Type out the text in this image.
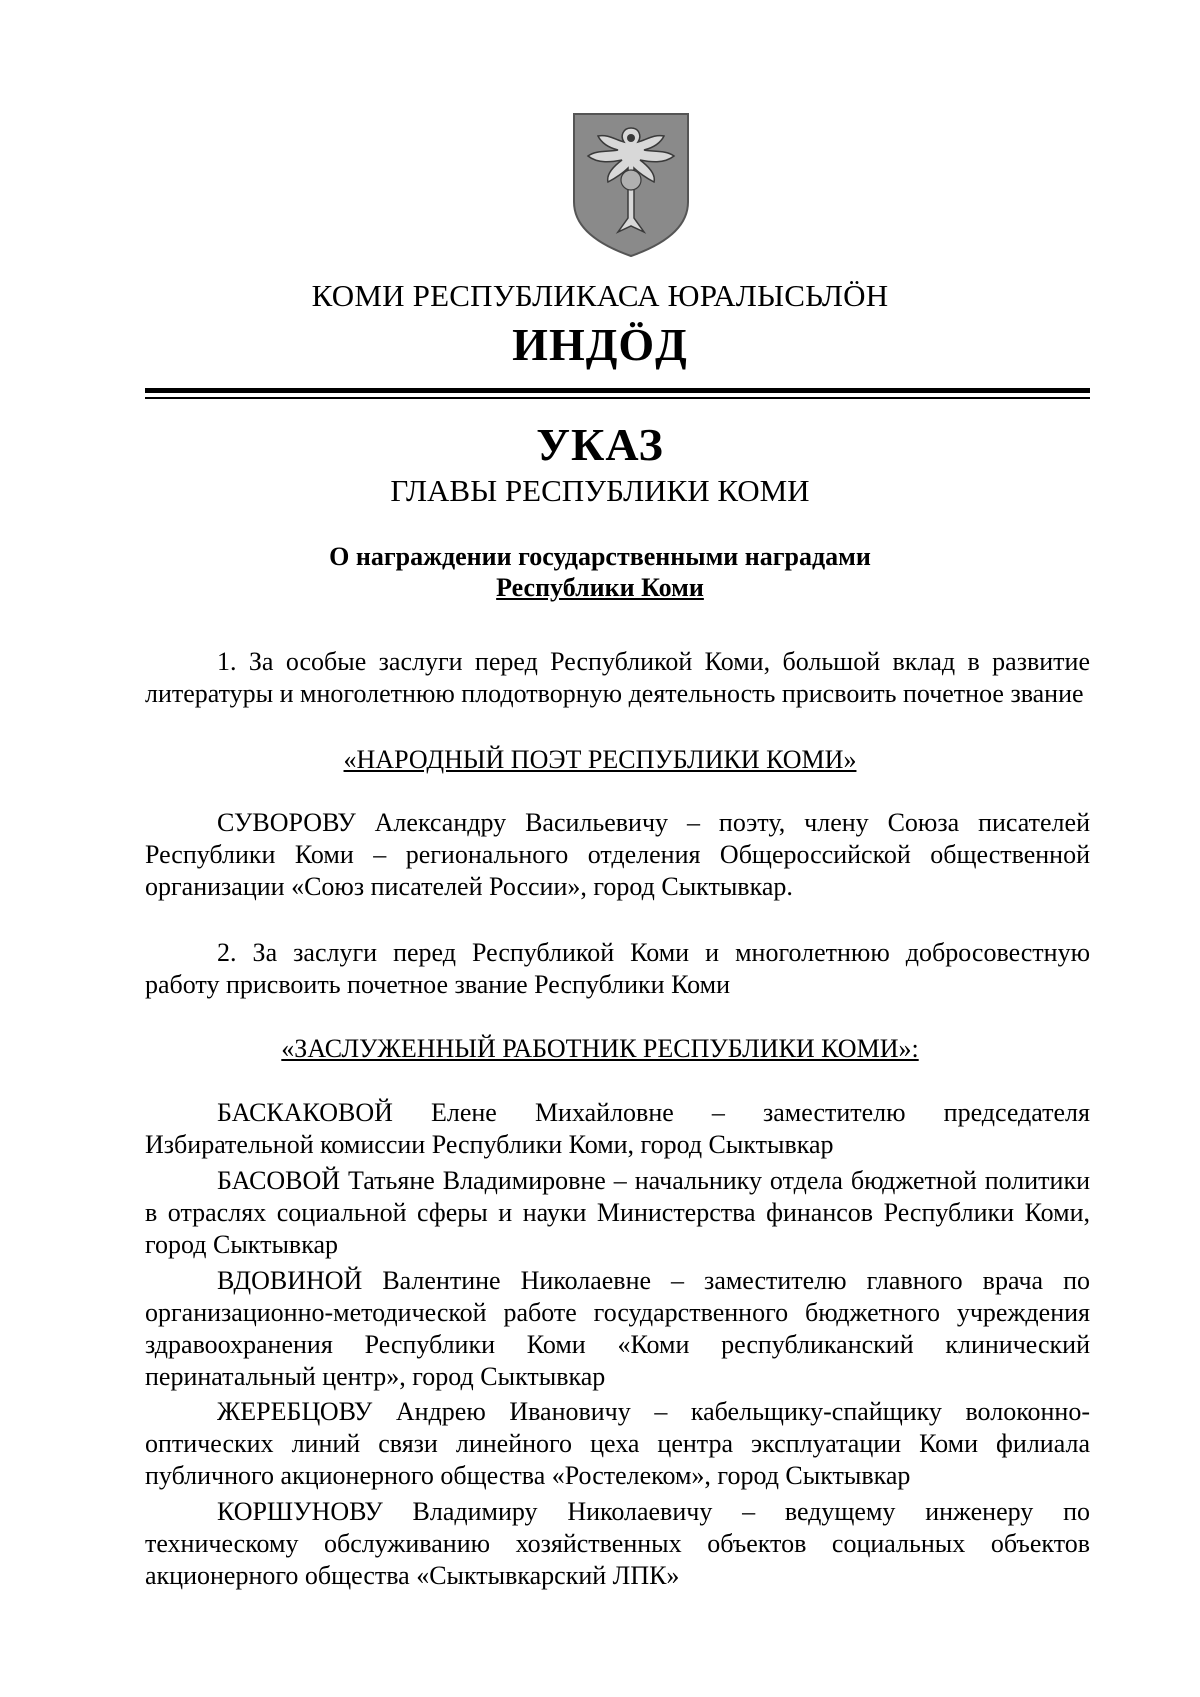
КОМИ РЕСПУБЛИКАСА ЮРАЛЫСЬЛӦН
ИНДӦД
УКАЗ
ГЛАВЫ РЕСПУБЛИКИ КОМИ
О награждении государственными наградами
Республики Коми
1. За особые заслуги перед Республикой Коми, большой вклад в развитие литературы и многолетнюю плодотворную деятельность присвоить почетное звание
«НАРОДНЫЙ ПОЭТ РЕСПУБЛИКИ КОМИ»
СУВОРОВУ Александру Васильевичу – поэту, члену Союза писателей Республики Коми – регионального отделения Общероссийской общественной организации «Союз писателей России», город Сыктывкар.
2. За заслуги перед Республикой Коми и многолетнюю добросовестную работу присвоить почетное звание Республики Коми
«ЗАСЛУЖЕННЫЙ РАБОТНИК РЕСПУБЛИКИ КОМИ»:
БАСКАКОВОЙ Елене Михайловне – заместителю председателя
Избирательной комиссии Республики Коми, город Сыктывкар
БАСОВОЙ Татьяне Владимировне – начальнику отдела бюджетной политики в отраслях социальной сферы и науки Министерства финансов Республики Коми, город Сыктывкар
ВДОВИНОЙ Валентине Николаевне – заместителю главного врача по организационно-методической работе государственного бюджетного учреждения здравоохранения Республики Коми «Коми республиканский клинический перинатальный центр», город Сыктывкар
ЖЕРЕБЦОВУ Андрею Ивановичу – кабельщику-спайщику волоконно-оптических линий связи линейного цеха центра эксплуатации Коми филиала публичного акционерного общества «Ростелеком», город Сыктывкар
КОРШУНОВУ Владимиру Николаевичу – ведущему инженеру по техническому обслуживанию хозяйственных объектов социальных объектов акционерного общества «Сыктывкарский ЛПК»
